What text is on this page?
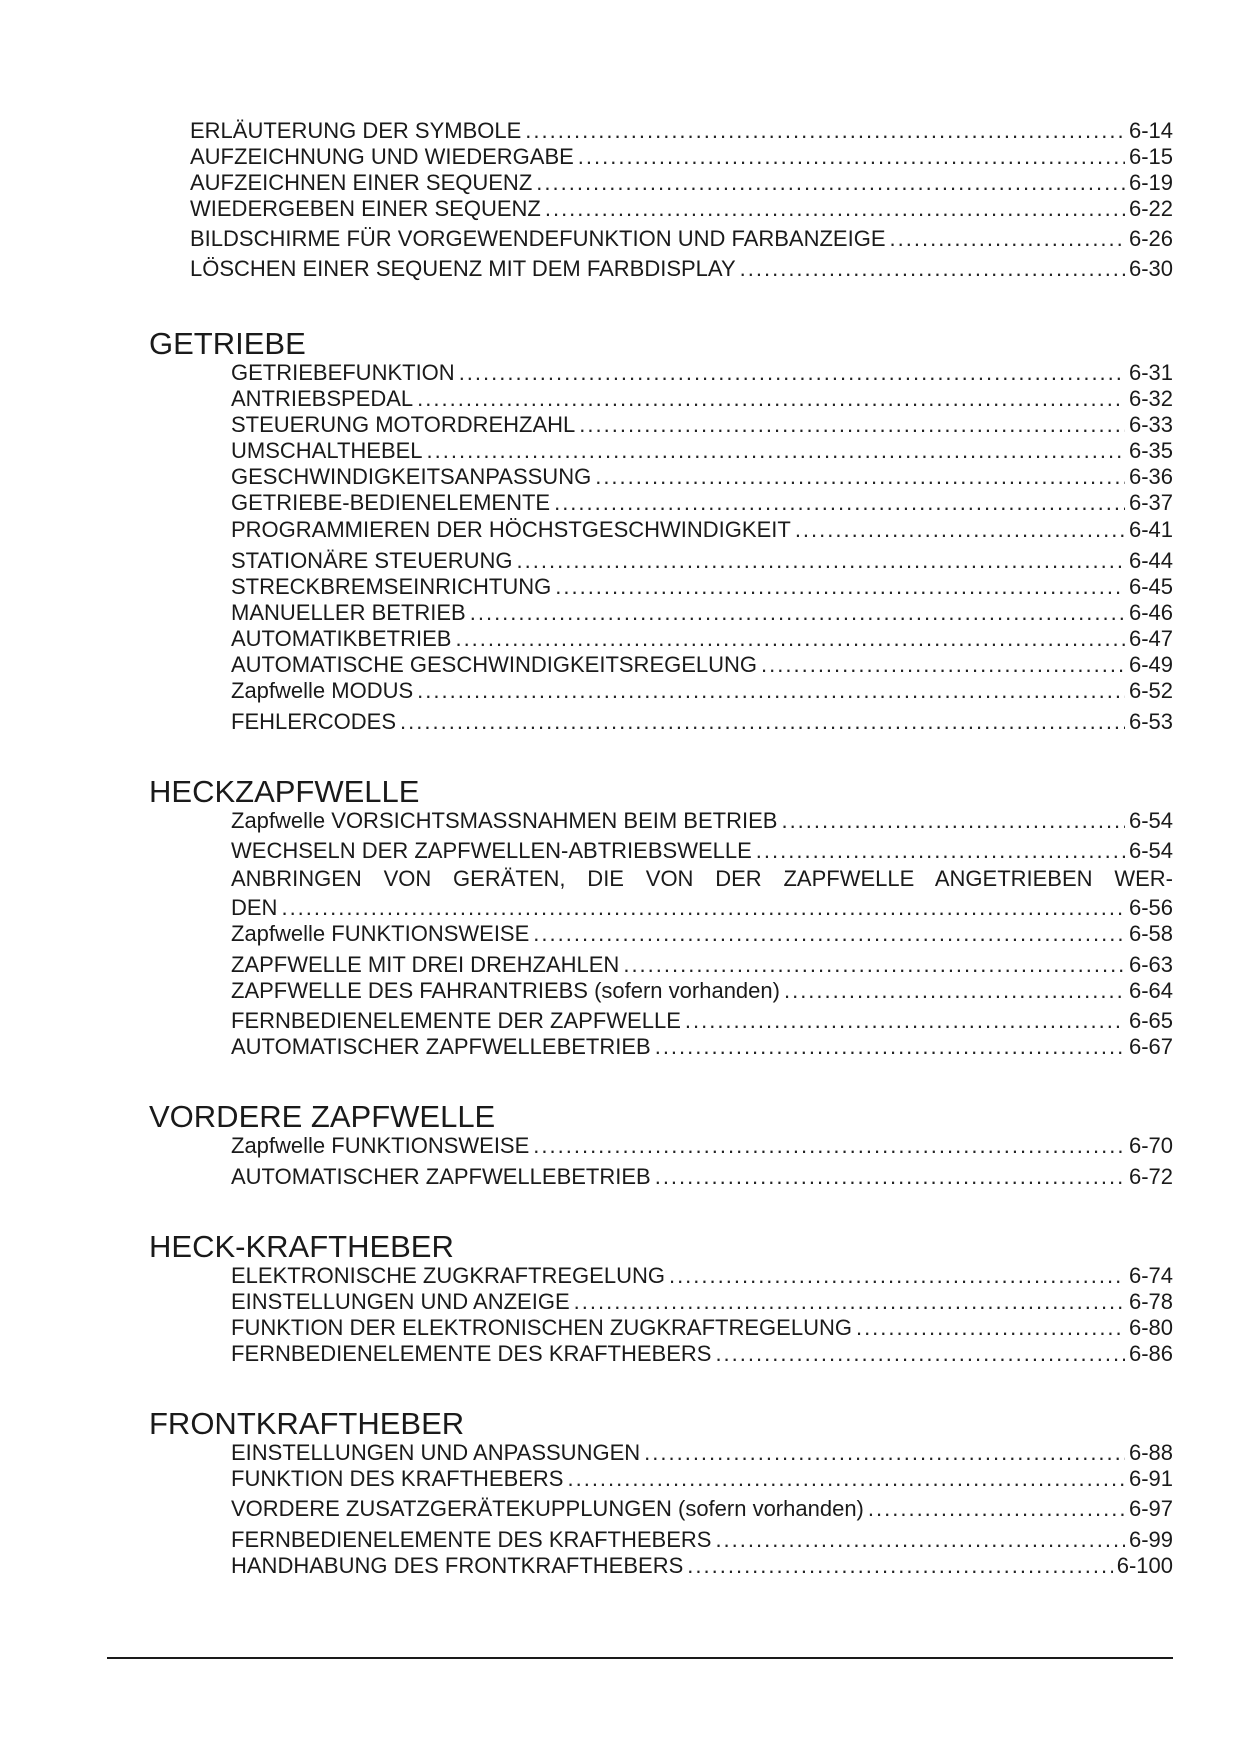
ERLÄUTERUNG DER SYMBOLE .....	6-14
AUFZEICHNUNG UND WIEDERGABE .....	6-15
AUFZEICHNEN EINER SEQUENZ .....	6-19
WIEDERGEBEN EINER SEQUENZ .....	6-22
BILDSCHIRME FÜR VORGEWENDEFUNKTION UND FARBANZEIGE .....	6-26
LÖSCHEN EINER SEQUENZ MIT DEM FARBDISPLAY .....	6-30
GETRIEBE
GETRIEBEFUNKTION .....	6-31
ANTRIEBSPEDAL .....	6-32
STEUERUNG MOTORDREHZAHL .....	6-33
UMSCHALTHEBEL .....	6-35
GESCHWINDIGKEITSANPASSUNG .....	6-36
GETRIEBE-BEDIENELEMENTE .....	6-37
PROGRAMMIEREN DER HÖCHSTGESCHWINDIGKEIT .....	6-41
STATIONÄRE STEUERUNG .....	6-44
STRECKBREMSEINRICHTUNG .....	6-45
MANUELLER BETRIEB .....	6-46
AUTOMATIKBETRIEB .....	6-47
AUTOMATISCHE GESCHWINDIGKEITSREGELUNG .....	6-49
Zapfwelle MODUS .....	6-52
FEHLERCODES .....	6-53
HECKZAPFWELLE
Zapfwelle VORSICHTSMASSNAHMEN BEIM BETRIEB .....	6-54
WECHSELN DER ZAPFWELLEN-ABTRIEBSWELLE .....	6-54
ANBRINGEN VON GERÄTEN, DIE VON DER ZAPFWELLE ANGETRIEBEN WER-
DEN .....	6-56
Zapfwelle FUNKTIONSWEISE .....	6-58
ZAPFWELLE MIT DREI DREHZAHLEN .....	6-63
ZAPFWELLE DES FAHRANTRIEBS (sofern vorhanden) .....	6-64
FERNBEDIENELEMENTE DER ZAPFWELLE .....	6-65
AUTOMATISCHER ZAPFWELLEBETRIEB .....	6-67
VORDERE ZAPFWELLE
Zapfwelle FUNKTIONSWEISE .....	6-70
AUTOMATISCHER ZAPFWELLEBETRIEB .....	6-72
HECK-KRAFTHEBER
ELEKTRONISCHE ZUGKRAFTREGELUNG .....	6-74
EINSTELLUNGEN UND ANZEIGE .....	6-78
FUNKTION DER ELEKTRONISCHEN ZUGKRAFTREGELUNG .....	6-80
FERNBEDIENELEMENTE DES KRAFTHEBERS .....	6-86
FRONTKRAFTHEBER
EINSTELLUNGEN UND ANPASSUNGEN .....	6-88
FUNKTION DES KRAFTHEBERS .....	6-91
VORDERE ZUSATZGERÄTEKUPPLUNGEN (sofern vorhanden) .....	6-97
FERNBEDIENELEMENTE DES KRAFTHEBERS .....	6-99
HANDHABUNG DES FRONTKRAFTHEBERS .....	6-100
